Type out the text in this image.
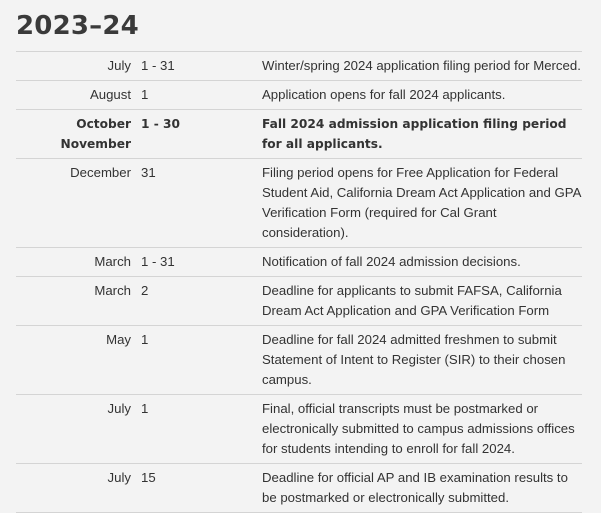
2023–24
July	1 - 31	Winter/spring 2024 application filing period for Merced.
August	1	Application opens for fall 2024 applicants.
October November	1 - 30	Fall 2024 admission application filing period for all applicants.
December	31	Filing period opens for Free Application for Federal Student Aid, California Dream Act Application and GPA Verification Form (required for Cal Grant consideration).
March	1 - 31	Notification of fall 2024 admission decisions.
March	2	Deadline for applicants to submit FAFSA, California Dream Act Application and GPA Verification Form
May	1	Deadline for fall 2024 admitted freshmen to submit Statement of Intent to Register (SIR) to their chosen campus.
July	1	Final, official transcripts must be postmarked or electronically submitted to campus admissions offices for students intending to enroll for fall 2024.
July	15	Deadline for official AP and IB examination results to be postmarked or electronically submitted.
